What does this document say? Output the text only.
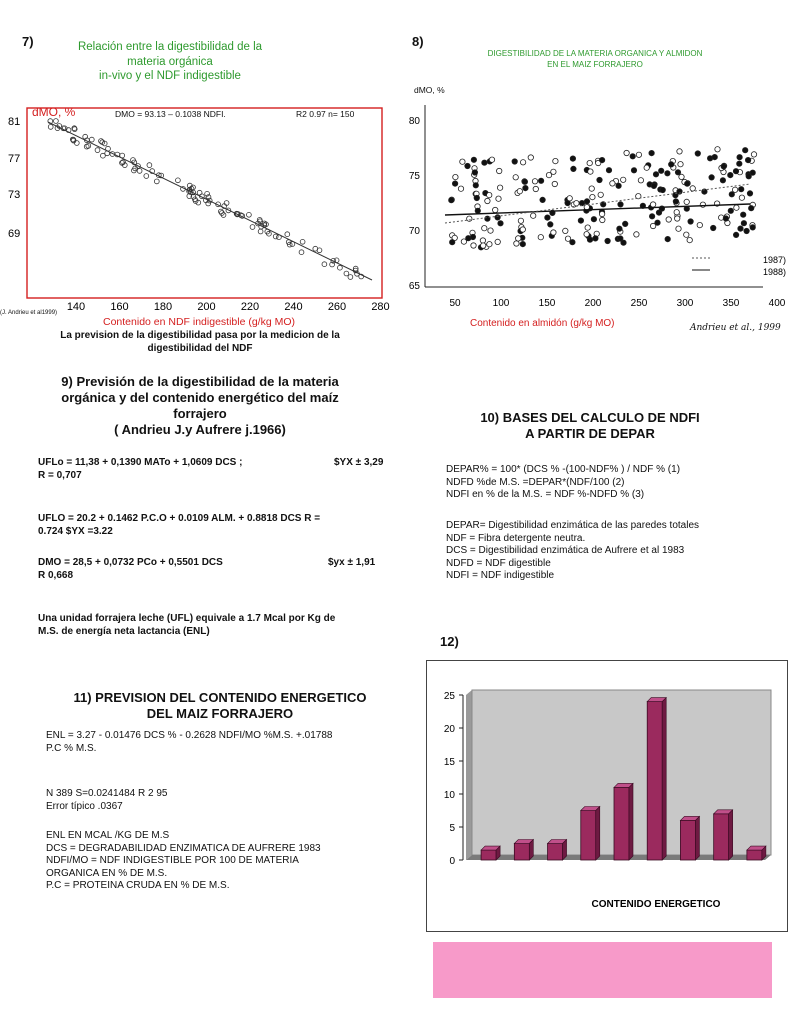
7)	Relación entre la digestibilidad de la
materia orgánica
in-vivo y el NDF indigestible
dMO, %	DMO = 93.13 – 0.1038 NDFI.	R2 0.97 n= 150
81
77
73
69
140 160 180 200 220 240 260 280
(J. Andrieu et al1999)
Contenido en NDF indigestible (g/kg MO)
La prevision de la digestibilidad pasa por la medicion de la
digestibilidad del NDF
8)
DIGESTIBILIDAD DE LA MATERIA ORGANICA Y ALMIDON
EN EL MAIZ FORRAJERO
dMO, %
80
75
70
65
50	100	150	200	250	300	350	400
1987)
1988)
Contenido en almidón (g/kg MO)	Andrieu et al., 1999
9) Previsión de la digestibilidad de la materia
orgánica y del contenido energético del maíz
forrajero
( Andrieu J.y Aufrere j.1966)
UFLo = 11,38 + 0,1390 MATo + 1,0609 DCS ;	$YX ± 3,29
R = 0,707
UFLO = 20.2 + 0.1462 P.C.O + 0.0109 ALM. + 0.8818 DCS R =
0.724 $YX =3.22
DMO = 28,5 + 0,0732 PCo + 0,5501 DCS	$yx ± 1,91
R 0,668
Una unidad forrajera leche (UFL) equivale a 1.7 Mcal por Kg de
M.S. de energía neta lactancia (ENL)
10) BASES DEL CALCULO DE NDFI
A PARTIR DE DEPAR
DEPAR% = 100* (DCS % -(100-NDF% ) / NDF % (1)
NDFD %de M.S. =DEPAR*(NDF/100 (2)
NDFI en % de la M.S. = NDF %-NDFD % (3)
DEPAR= Digestibilidad enzimática de las paredes totales
NDF = Fibra detergente neutra.
DCS = Digestibilidad enzimática de Aufrere et al 1983
NDFD = NDF digestible
NDFI = NDF indigestible
11) PREVISION DEL CONTENIDO ENERGETICO
DEL MAIZ FORRAJERO
ENL = 3.27 - 0.01476 DCS % - 0.2628 NDFI/MO %M.S. +.01788
P.C % M.S.
N 389 S=0.0241484 R 2 95
Error típico .0367
ENL EN MCAL /KG DE M.S
DCS = DEGRADABILIDAD ENZIMATICA DE AUFRERE 1983
NDFI/MO = NDF INDIGESTIBLE POR 100 DE MATERIA
ORGANICA EN % DE M.S.
P.C = PROTEINA CRUDA EN % DE M.S.
12)
0
5
10
15
20
25
CONTENIDO ENERGETICO
